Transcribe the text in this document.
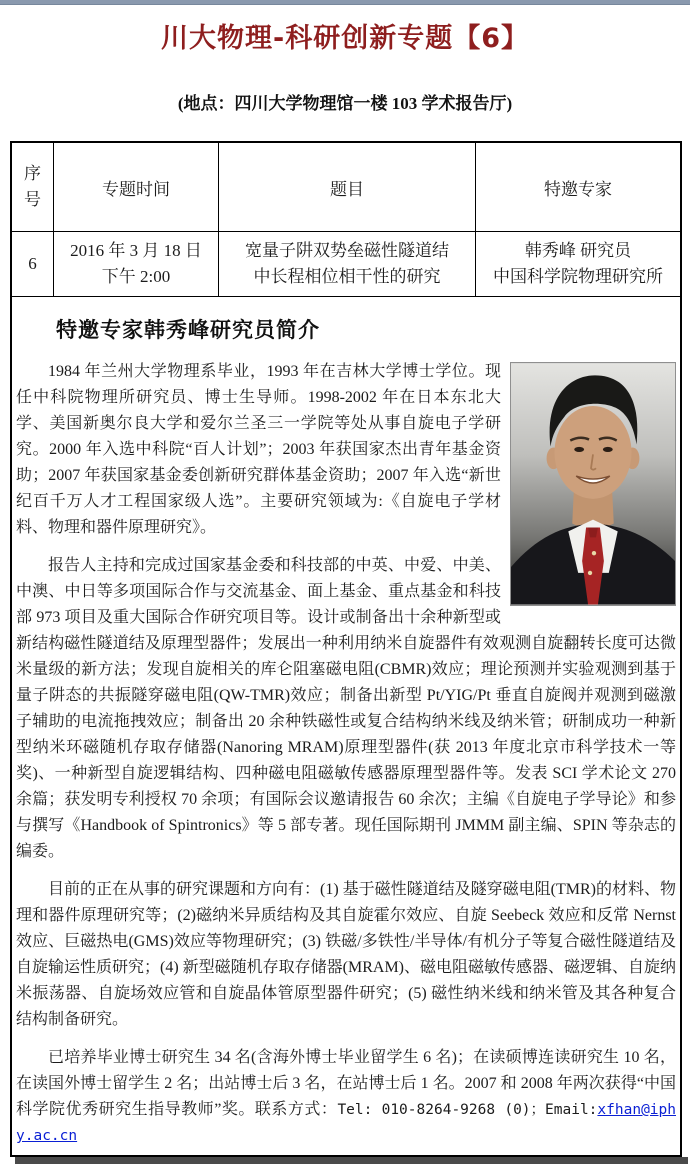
川大物理-科研创新专题【6】

(地点：四川大学物理馆一楼 103 学术报告厅)

序号
专题时间	题目	特邀专家
6
2016 年 3 月 18 日
下午 2:00
宽量子阱双势垒磁性隧道结
中长程相位相干性的研究
韩秀峰 研究员
中国科学院物理研究所
特邀专家韩秀峰研究员简介

1984 年兰州大学物理系毕业，1993 年在吉林大学博士学位。现任中科院物理所研究员、博士生导师。1998-2002 年在日本东北大学、美国新奥尔良大学和爱尔兰圣三一学院等处从事自旋电子学研究。2000 年入选中科院“百人计划”；2003 年获国家杰出青年基金资助；2007 年获国家基金委创新研究群体基金资助；2007 年入选“新世纪百千万人才工程国家级人选”。主要研究领域为:《自旋电子学材料、物理和器件原理研究》。

报告人主持和完成过国家基金委和科技部的中英、中爱、中美、中澳、中日等多项国际合作与交流基金、面上基金、重点基金和科技部 973 项目及重大国际合作研究项目等。设计或制备出十余种新型或新结构磁性隧道结及原理型器件；发展出一种利用纳米自旋器件有效观测自旋翻转长度可达微米量级的新方法；发现自旋相关的库仑阻塞磁电阻(CBMR)效应；理论预测并实验观测到基于量子阱态的共振隧穿磁电阻(QW-TMR)效应；制备出新型 Pt/YIG/Pt 垂直自旋阀并观测到磁激子辅助的电流拖拽效应；制备出 20 余种铁磁性或复合结构纳米线及纳米管；研制成功一种新型纳米环磁随机存取存储器(Nanoring MRAM)原理型器件(获 2013 年度北京市科学技术一等奖)、一种新型自旋逻辑结构、四种磁电阻磁敏传感器原理型器件等。发表 SCI 学术论文 270 余篇；获发明专利授权 70 余项；有国际会议邀请报告 60 余次；主编《自旋电子学导论》和参与撰写《Handbook of Spintronics》等 5 部专著。现任国际期刊 JMMM 副主编、SPIN 等杂志的编委。

目前的正在从事的研究课题和方向有：(1) 基于磁性隧道结及隧穿磁电阻(TMR)的材料、物理和器件原理研究等；(2)磁纳米异质结构及其自旋霍尔效应、自旋 Seebeck 效应和反常 Nernst 效应、巨磁热电(GMS)效应等物理研究；(3) 铁磁/多铁性/半导体/有机分子等复合磁性隧道结及自旋输运性质研究；(4) 新型磁随机存取存储器(MRAM)、磁电阻磁敏传感器、磁逻辑、自旋纳米振荡器、自旋场效应管和自旋晶体管原型器件研究；(5) 磁性纳米线和纳米管及其各种复合结构制备研究。

已培养毕业博士研究生 34 名(含海外博士毕业留学生 6 名)；在读硕博连读研究生 10 名，在读国外博士留学生 2 名；出站博士后 3 名，在站博士后 1 名。2007 和 2008 年两次获得“中国科学院优秀研究生指导教师”奖。联系方式：Tel: 010-8264-9268 (0)；Email:xfhan@iphy.ac.cn
